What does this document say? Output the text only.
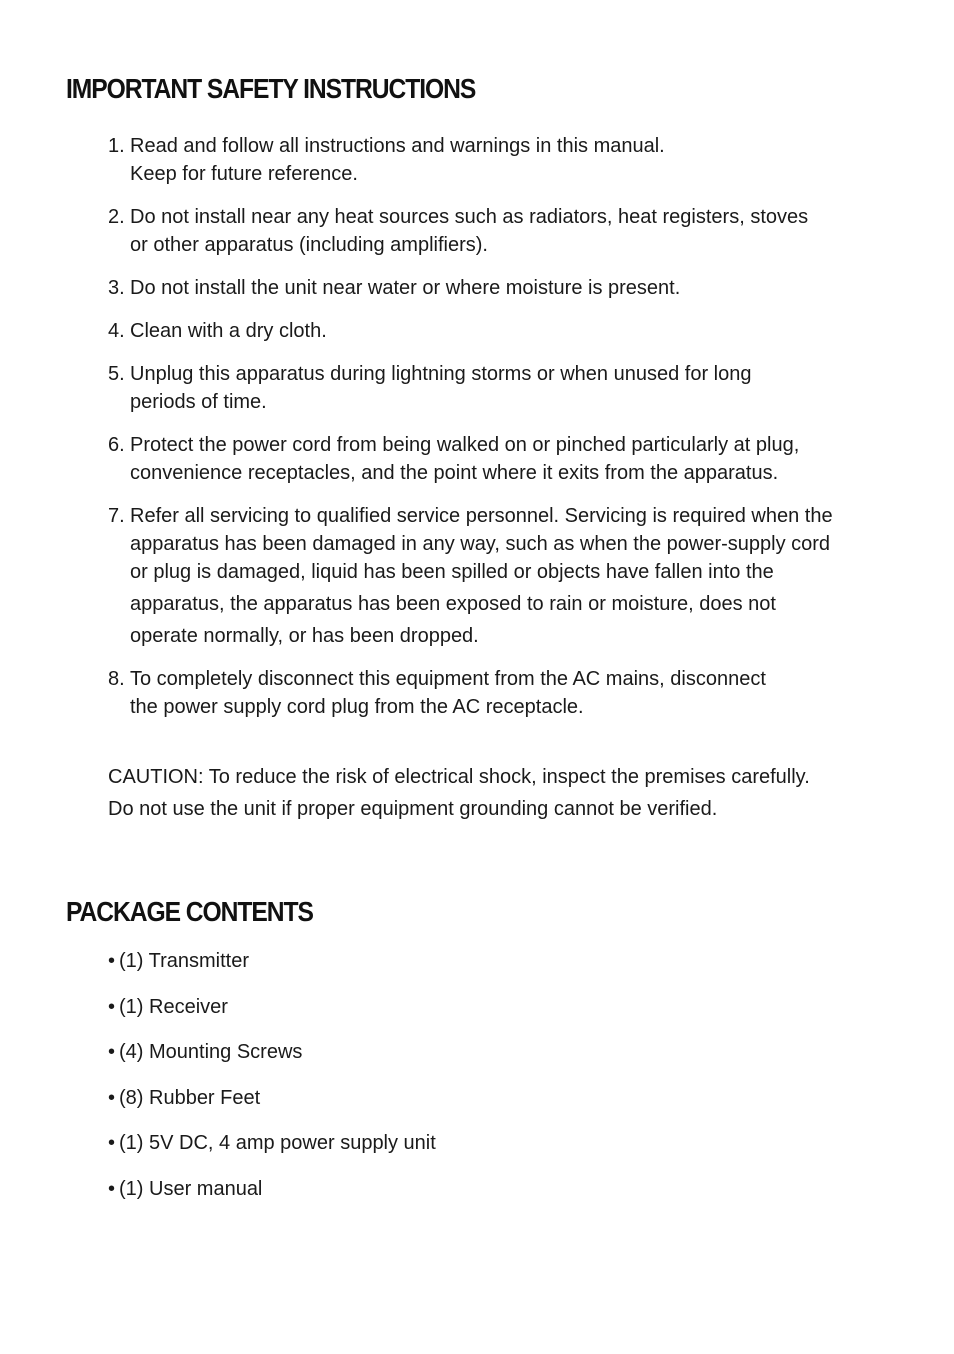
IMPORTANT SAFETY INSTRUCTIONS
1. Read and follow all instructions and warnings in this manual.
Keep for future reference.
2. Do not install near any heat sources such as radiators, heat registers, stoves
or other apparatus (including amplifiers).
3. Do not install the unit near water or where moisture is present.
4. Clean with a dry cloth.
5. Unplug this apparatus during lightning storms or when unused for long
periods of time.
6. Protect the power cord from being walked on or pinched particularly at plug,
convenience receptacles, and the point where it exits from the apparatus.
7. Refer all servicing to qualified service personnel. Servicing is required when the
apparatus has been damaged in any way, such as when the power-supply cord
or plug is damaged, liquid has been spilled or objects have fallen into the
apparatus, the apparatus has been exposed to rain or moisture, does not
operate normally, or has been dropped.
8. To completely disconnect this equipment from the AC mains, disconnect
the power supply cord plug from the AC receptacle.

CAUTION: To reduce the risk of electrical shock, inspect the premises carefully.
Do not use the unit if proper equipment grounding cannot be verified.

PACKAGE CONTENTS
• (1) Transmitter
• (1) Receiver
• (4) Mounting Screws
• (8) Rubber Feet
• (1) 5V DC, 4 amp power supply unit
• (1) User manual
